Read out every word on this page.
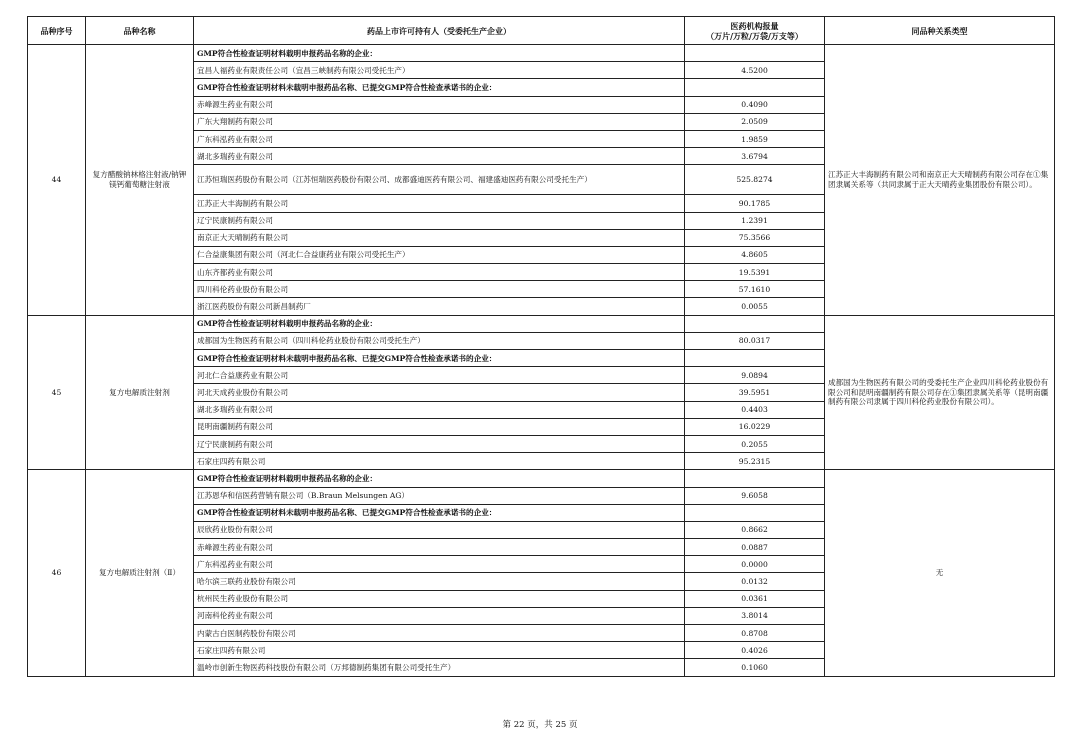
品种序号	品种名称	药品上市许可持有人（受委托生产企业）	医药机构报量
（万片/万粒/万袋/万支等）	同品种关系类型
44	复方醋酸钠林格注射液/钠钾镁钙葡萄糖注射液	GMP符合性检查证明材料载明申报药品名称的企业：		江苏正大丰海制药有限公司和南京正大天晴制药有限公司存在①集团隶属关系等（共同隶属于正大天晴药业集团股份有限公司）。
		宜昌人福药业有限责任公司（宜昌三峡制药有限公司受托生产）	4.5200	
		GMP符合性检查证明材料未载明申报药品名称、已提交GMP符合性检查承诺书的企业：		
		赤峰源生药业有限公司	0.4090	
		广东大翔制药有限公司	2.0509	
		广东科泓药业有限公司	1.9859	
		湖北多瑞药业有限公司	3.6794	
		江苏恒瑞医药股份有限公司（江苏恒瑞医药股份有限公司、成都盛迪医药有限公司、福建盛迪医药有限公司受托生产）	525.8274	
		江苏正大丰海制药有限公司	90.1785	
		辽宁民康制药有限公司	1.2391	
		南京正大天晴制药有限公司	75.3566	
		仁合益康集团有限公司（河北仁合益康药业有限公司受托生产）	4.8605	
		山东齐都药业有限公司	19.5391	
		四川科伦药业股份有限公司	57.1610	
		浙江医药股份有限公司新昌制药厂	0.0055	
45	复方电解质注射剂	GMP符合性检查证明材料载明申报药品名称的企业：		成都国为生物医药有限公司的受委托生产企业四川科伦药业股份有限公司和昆明南疆制药有限公司存在①集团隶属关系等（昆明南疆制药有限公司隶属于四川科伦药业股份有限公司）。
		成都国为生物医药有限公司（四川科伦药业股份有限公司受托生产）	80.0317	
		GMP符合性检查证明材料未载明申报药品名称、已提交GMP符合性检查承诺书的企业：		
		河北仁合益康药业有限公司	9.0894	
		河北天成药业股份有限公司	39.5951	
		湖北多瑞药业有限公司	0.4403	
		昆明南疆制药有限公司	16.0229	
		辽宁民康制药有限公司	0.2055	
		石家庄四药有限公司	95.2315	
46	复方电解质注射剂（Ⅱ）	GMP符合性检查证明材料载明申报药品名称的企业：		无
		江苏恩华和信医药营销有限公司（B.Braun Melsungen AG）	9.6058	
		GMP符合性检查证明材料未载明申报药品名称、已提交GMP符合性检查承诺书的企业：		
		辰欣药业股份有限公司	0.8662	
		赤峰源生药业有限公司	0.0887	
		广东科泓药业有限公司	0.0000	
		哈尔滨三联药业股份有限公司	0.0132	
		杭州民生药业股份有限公司	0.0361	
		河南科伦药业有限公司	3.8014	
		内蒙古白医制药股份有限公司	0.8708	
		石家庄四药有限公司	0.4026	
		温岭市创新生物医药科技股份有限公司（万邦德制药集团有限公司受托生产）	0.1060	
第 22 页，共 25 页
